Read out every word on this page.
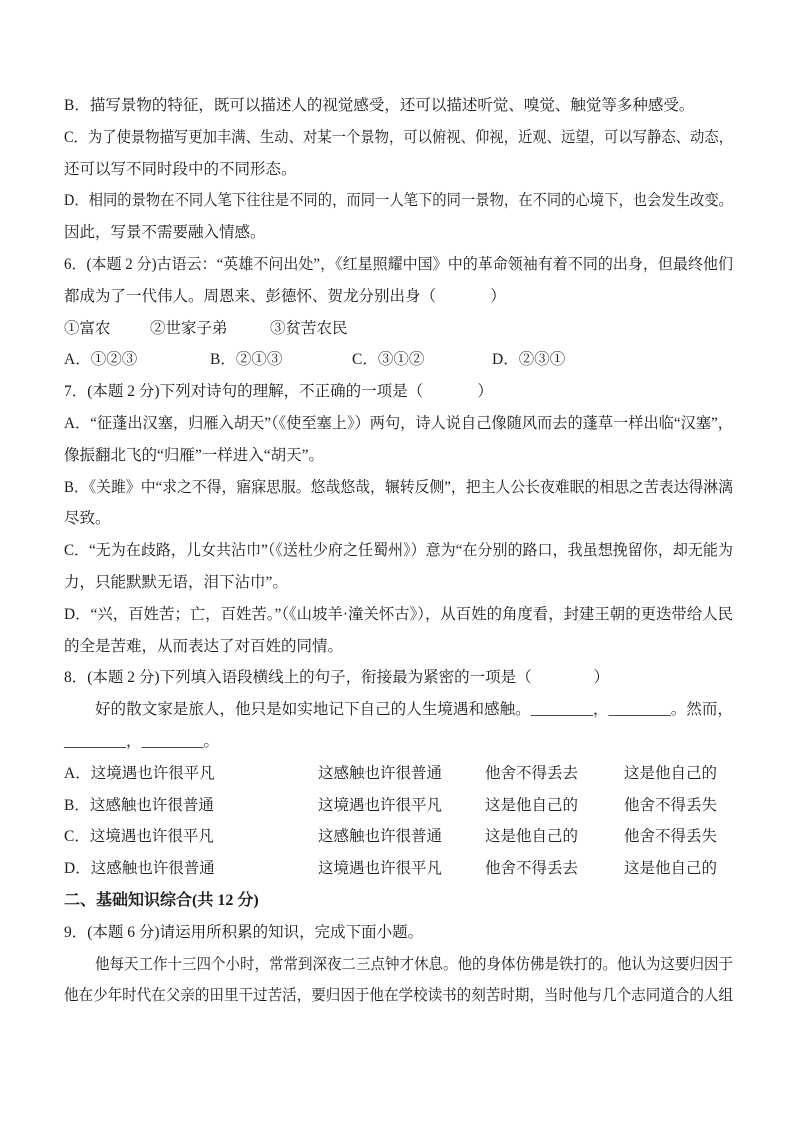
B．描写景物的特征，既可以描述人的视觉感受，还可以描述听觉、嗅觉、触觉等多种感受。
C．为了使景物描写更加丰满、生动、对某一个景物，可以俯视、仰视，近观、远望，可以写静态、动态，
还可以写不同时段中的不同形态。
D．相同的景物在不同人笔下往往是不同的，而同一人笔下的同一景物，在不同的心境下，也会发生改变。
因此，写景不需要融入情感。
6．(本题 2 分)古语云：“英雄不问出处”，《红星照耀中国》中的革命领袖有着不同的出身，但最终他们
都成为了一代伟人。周恩来、彭德怀、贺龙分别出身（              ）
①富农	②世家子弟	③贫苦农民
A．①②③	B．②①③	C．③①②	D．②③①
7．(本题 2 分)下列对诗句的理解，不正确的一项是（              ）
A．“征蓬出汉塞，归雁入胡天”（《使至塞上》）两句，诗人说自己像随风而去的蓬草一样出临“汉塞”，
像振翻北飞的“归雁”一样进入“胡天”。
B．《关雎》中“求之不得，寤寐思服。悠哉悠哉，辗转反侧”，把主人公长夜难眠的相思之苦表达得淋漓
尽致。
C．“无为在歧路，儿女共沾巾”（《送杜少府之任蜀州》）意为“在分别的路口，我虽想挽留你，却无能为
力，只能默默无语，泪下沾巾”。
D．“兴，百姓苦；亡，百姓苦。”（《山坡羊·潼关怀古》），从百姓的角度看，封建王朝的更迭带给人民
的全是苦难，从而表达了对百姓的同情。
8．(本题 2 分)下列填入语段横线上的句子，衔接最为紧密的一项是（                ）
好的散文家是旅人，他只是如实地记下自己的人生境遇和感触。________，________。然而，
________，________。
A．这境遇也许很平凡	这感触也许很普通	他舍不得丢去	这是他自己的
B．这感触也许很普通	这境遇也许很平凡	这是他自己的	他舍不得丢失
C．这境遇也许很平凡	这感触也许很普通	这是他自己的	他舍不得丢失
D．这感触也许很普通	这境遇也许很平凡	他舍不得丢去	这是他自己的
二、基础知识综合(共 12 分)
9．(本题 6 分)请运用所积累的知识，完成下面小题。
他每天工作十三四个小时，常常到深夜二三点钟才休息。他的身体仿佛是铁打的。他认为这要归因于
他在少年时代在父亲的田里干过苦活，要归因于他在学校读书的刻苦时期，当时他与几个志同道合的人组
